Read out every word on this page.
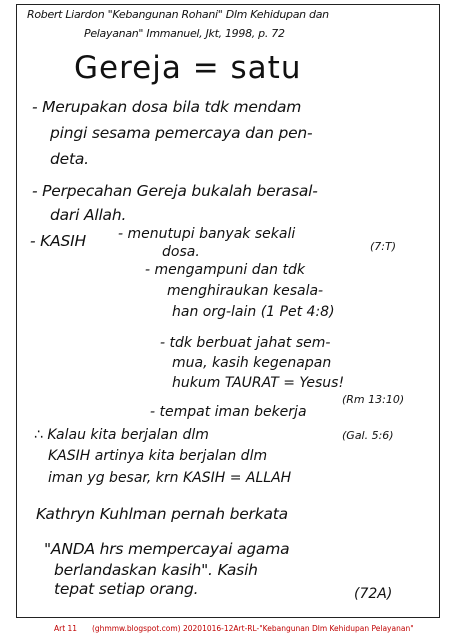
Robert Liardon "Kebangunan Rohani" Dlm Kehidupan dan
Pelayanan" Immanuel, Jkt, 1998, p. 72
Gereja = satu
- Merupakan dosa bila tdk mendam
pingi sesama pemercaya dan pen-
deta.
- Perpecahan Gereja bukalah berasal-
dari Allah.
- KASIH - menutupi banyak sekali
dosa.	(7:T)
- mengampuni dan tdk
menghiraukan kesala-
han org-lain (1 Pet 4:8)
- tdk berbuat jahat sem-
mua, kasih kegenapan
hukum TAURAT = Yesus!
(Rm 13:10)
- tempat iman bekerja
∴ Kalau kita berjalan dlm	(Gal. 5:6)
KASIH artinya kita berjalan dlm
iman yg besar, krn KASIH = ALLAH
Kathryn Kuhlman pernah berkata
"ANDA hrs mempercayai agama
berlandaskan kasih". Kasih
tepat setiap orang.	(72A)
Art 11 (ghmmw.blogspot.com) 20201016-12Art-RL-"Kebangunan Dlm Kehidupan Pelayanan"
